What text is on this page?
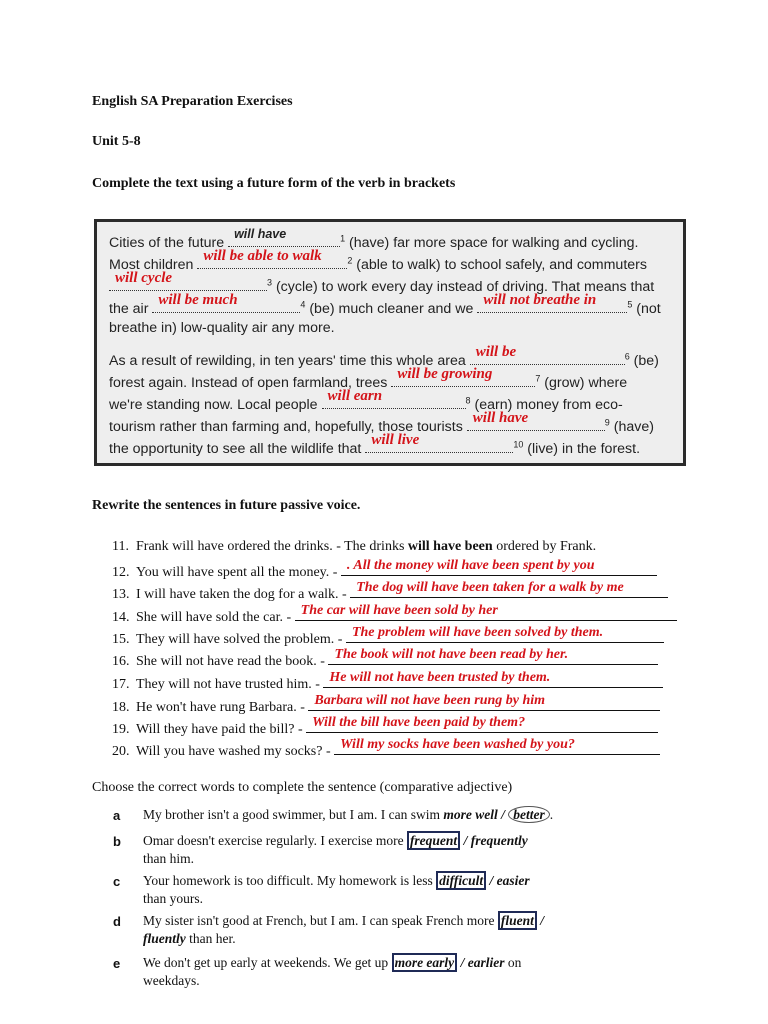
English SA Preparation Exercises
Unit 5-8
Complete the text using a future form of the verb in brackets
Cities of the future
will have	$^1$ (have) far more space for walking and cycling.
Most children
will be able to walk	$^2$ (able to walk) to school safely, and commuters
will cycle	$^3$ (cycle) to work every day instead of driving. That means that
the air
will be much	$^4$ (be) much cleaner and we
will not breathe in	$^5$ (not
breathe in) low-quality air any more.
As a result of rewilding, in ten years' time this whole area
will be	$^6$ (be)
forest again. Instead of open farmland, trees
will be growing	$^7$ (grow) where
we're standing now. Local people
will earn	$^8$ (earn) money from eco-
tourism rather than farming and, hopefully, those tourists
will have	$^9$ (have)
the opportunity to see all the wildlife that
will live	$^{10}$ (live) in the forest.
Rewrite the sentences in future passive voice.
11. Frank will have ordered the drinks. - The drinks will have been ordered by Frank.
12. You will have spent all the money. - . All the money will have been spent by you
13. I will have taken the dog for a walk. - The dog will have been taken for a walk by me
14. She will have sold the car. - The car will have been sold by her
15. They will have solved the problem. - The problem will have been solved by them.
16. She will not have read the book. - The book will not have been read by her.
17. They will not have trusted him. - He will not have been trusted by them.
18. He won't have rung Barbara. - Barbara will not have been rung by him
19. Will they have paid the bill? - Will the bill have been paid by them?
20. Will you have washed my socks? - Will my socks have been washed by you?
Choose the correct words to complete the sentence (comparative adjective)
a My brother isn't a good swimmer, but I am. I can swim more well / better .
b Omar doesn't exercise regularly. I exercise more frequent / frequently
than him.
c Your homework is too difficult. My homework is less difficult / easier
than yours.
d My sister isn't good at French, but I am. I can speak French more fluent /
fluently than her.
e We don't get up early at weekends. We get up more early / earlier on weekdays.
